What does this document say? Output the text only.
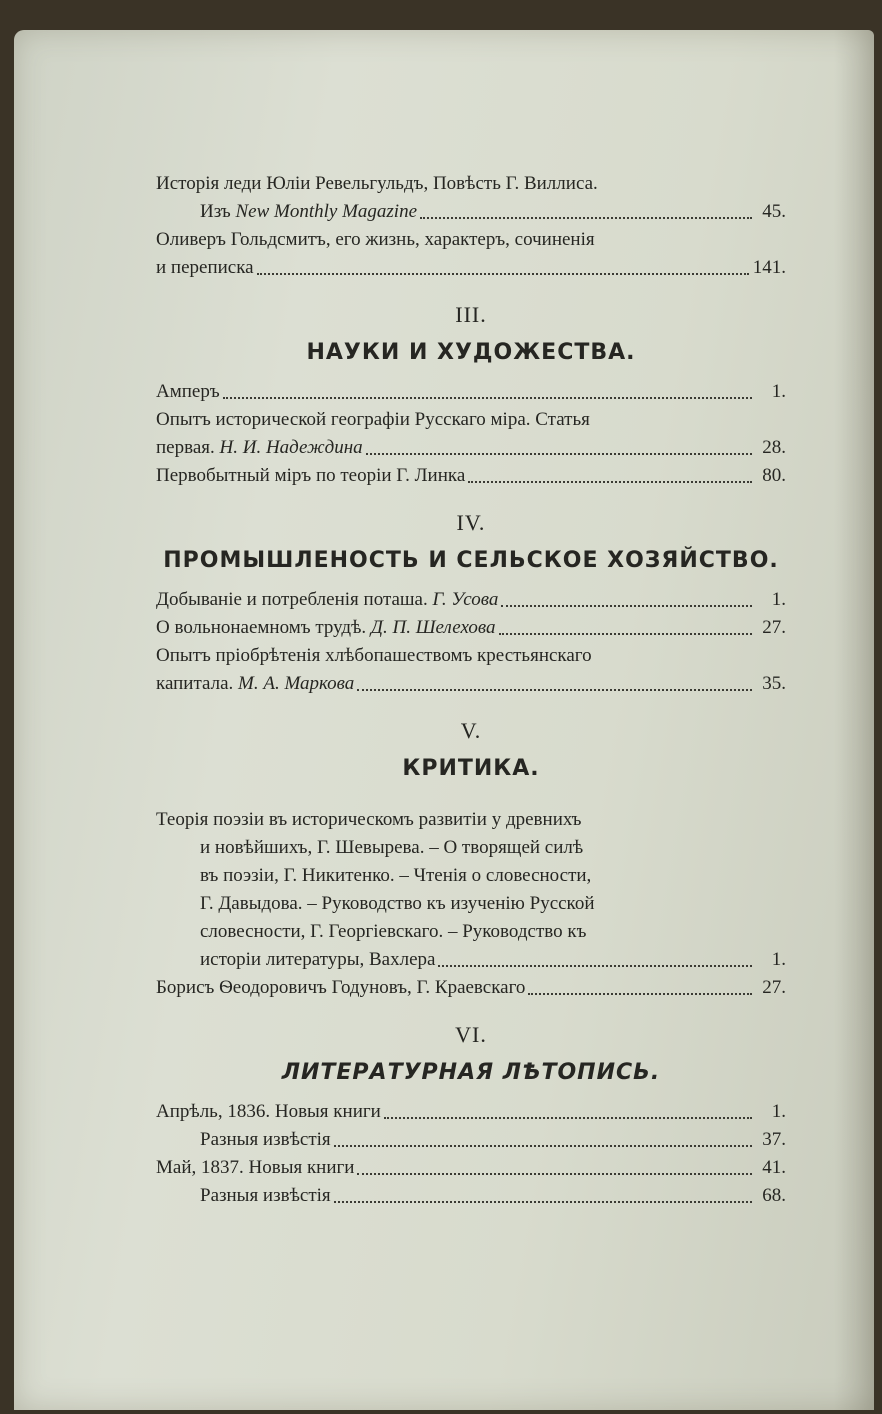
Исторія леди Юліи Ревельгульдъ, Повѣсть Г. Виллиса.
Изъ New Monthly Magazine	45.
Оливеръ Гольдсмитъ, его жизнь, характеръ, сочиненія
и переписка	141.
III.
НАУКИ И ХУДОЖЕСТВА.
Амперъ	1.
Опытъ исторической географіи Русскаго міра. Статья
первая. Н. И. Надеждина	28.
Первобытный міръ по теоріи Г. Линка	80.
IV.
ПРОМЫШЛЕНОСТЬ И СЕЛЬСКОЕ ХОЗЯЙСТВО.
Добываніе и потребленія поташа. Г. Усова	1.
О вольнонаемномъ трудѣ. Д. П. Шелехова	27.
Опытъ пріобрѣтенія хлѣбопашествомъ крестьянскаго
капитала. М. А. Маркова	35.
V.
КРИТИКА.
Теорія поэзіи въ историческомъ развитіи у древнихъ
и новѣйшихъ, Г. Шевырева. – О творящей силѣ
въ поэзіи, Г. Никитенко. – Чтенія о словесности,
Г. Давыдова. – Руководство къ изученію Русской
словесности, Г. Георгіевскаго. – Руководство къ
исторіи литературы, Вахлера	1.
Борисъ Ѳеодоровичъ Годуновъ, Г. Краевскаго	27.
VI.
ЛИТЕРАТУРНАЯ ЛѢТОПИСЬ.
Апрѣль, 1836. Новыя книги	1.
Разныя извѣстія	37.
Май, 1837. Новыя книги	41.
Разныя извѣстія	68.
